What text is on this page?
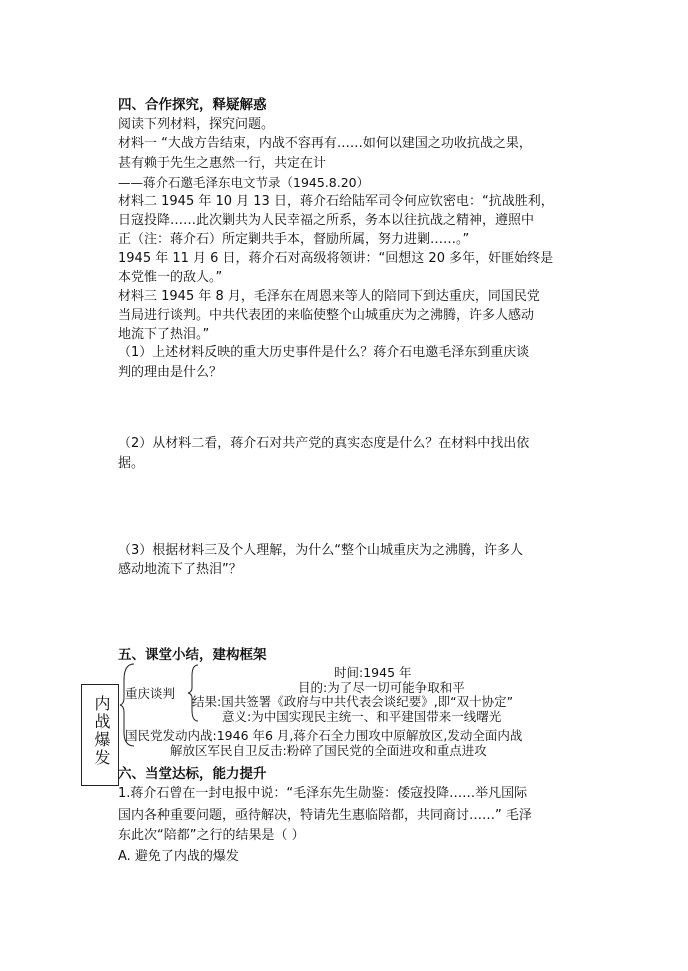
四、合作探究，释疑解惑
阅读下列材料，探究问题。
材料一 “大战方告结束，内战不容再有……如何以建国之功收抗战之果，
甚有赖于先生之惠然一行，共定在计
——蒋介石邀毛泽东电文节录（1945.8.20）
材料二 1945 年 10 月 13 日，蒋介石给陆军司令何应钦密电：“抗战胜利，
日寇投降……此次剿共为人民幸福之所系，务本以往抗战之精神，遵照中
正（注：蒋介石）所定剿共手本，督励所属，努力进剿……。”
1945 年 11 月 6 日，蒋介石对高级将领讲：“回想这 20 多年，奸匪始终是
本党惟一的敌人。”
材料三 1945 年 8 月，毛泽东在周恩来等人的陪同下到达重庆，同国民党
当局进行谈判。中共代表团的来临使整个山城重庆为之沸腾，许多人感动
地流下了热泪。”
（1）上述材料反映的重大历史事件是什么？蒋介石电邀毛泽东到重庆谈
判的理由是什么？
（2）从材料二看，蒋介石对共产党的真实态度是什么？在材料中找出依
据。
（3）根据材料三及个人理解，为什么“整个山城重庆为之沸腾，许多人
感动地流下了热泪”？
五、课堂小结，建构框架
内战爆发
重庆谈判
时间:1945 年
目的:为了尽一切可能争取和平
结果:国共签署《政府与中共代表会谈纪要》,即“双十协定”
意义:为中国实现民主统一、和平建国带来一线曙光
国民党发动内战:1946 年6 月,蒋介石全力围攻中原解放区,发动全面内战
解放区军民自卫反击:粉碎了国民党的全面进攻和重点进攻
六、当堂达标，能力提升
1.蒋介石曾在一封电报中说：“毛泽东先生勋鉴：倭寇投降……举凡国际
国内各种重要问题，亟待解决，特请先生惠临陪都，共同商讨……” 毛泽
东此次“陪都”之行的结果是（ ）
A. 避免了内战的爆发
